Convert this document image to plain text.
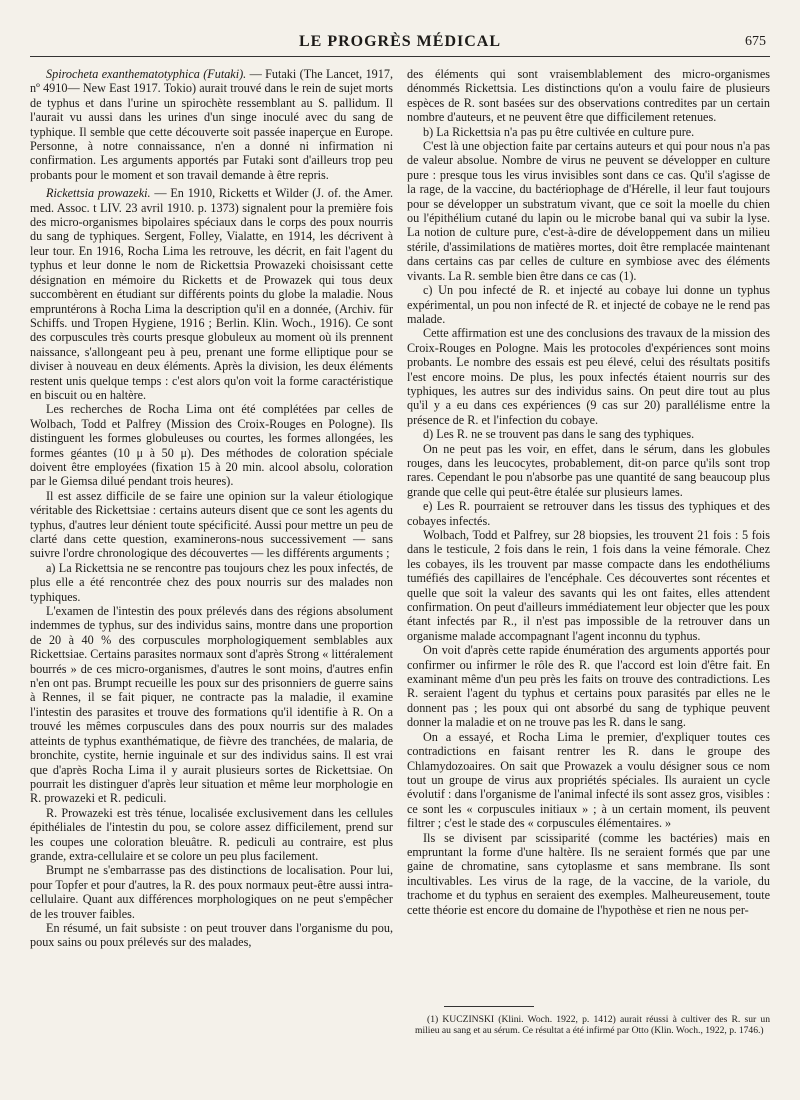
LE PROGRÈS MÉDICAL	675

Spirocheta exanthematotyphica (Futaki). — Futaki (The Lancet, 1917, nº 4910— New East 1917. Tokio) aurait trouvé dans le rein de sujet morts de typhus et dans l'urine un spirochète ressemblant au S. pallidum. Il l'aurait vu aussi dans les urines d'un singe inoculé avec du sang de typhique. Il semble que cette découverte soit passée inaperçue en Europe. Personne, à notre connaissance, n'en a donné ni infirmation ni confirmation. Les arguments apportés par Futaki sont d'ailleurs trop peu probants pour le moment et son travail demande à être repris.

Rickettsia prowazeki. — En 1910, Ricketts et Wilder (J. of. the Amer. med. Assoc. t LIV. 23 avril 1910. p. 1373) signalent pour la première fois des micro-organismes bipolaires spéciaux dans le corps des poux nourris du sang de typhiques. Sergent, Folley, Vialatte, en 1914, les décrivent à leur tour. En 1916, Rocha Lima les retrouve, les décrit, en fait l'agent du typhus et leur donne le nom de Rickettsia Prowazeki choisissant cette désignation en mémoire du Ricketts et de Prowazek qui tous deux succombèrent en étudiant sur différents points du globe la maladie. Nous empruntérons à Rocha Lima la description qu'il en a donnée, (Archiv. für Schiffs. und Tropen Hygiene, 1916 ; Berlin. Klin. Woch., 1916). Ce sont des corpuscules très courts presque globuleux au moment où ils prennent naissance, s'allongeant peu à peu, prenant une forme elliptique pour se diviser à nouveau en deux éléments. Après la division, les deux éléments restent unis quelque temps : c'est alors qu'on voit la forme caractéristique en biscuit ou en haltère.

Les recherches de Rocha Lima ont été complétées par celles de Wolbach, Todd et Palfrey (Mission des Croix-Rouges en Pologne). Ils distinguent les formes globuleuses ou courtes, les formes allongées, les formes géantes (10 μ à 50 μ). Des méthodes de coloration spéciale doivent être employées (fixation 15 à 20 min. alcool absolu, coloration par le Giemsa dilué pendant trois heures).

Il est assez difficile de se faire une opinion sur la valeur étiologique véritable des Rickettsiae : certains auteurs disent que ce sont les agents du typhus, d'autres leur dénient toute spécificité. Aussi pour mettre un peu de clarté dans cette question, examinerons-nous successivement — sans suivre l'ordre chronologique des découvertes — les différents arguments ;

a) La Rickettsia ne se rencontre pas toujours chez les poux infectés, de plus elle a été rencontrée chez des poux nourris sur des malades non typhiques.

L'examen de l'intestin des poux prélevés dans des régions absolument indemmes de typhus, sur des individus sains, montre dans une proportion de 20 à 40 % des corpuscules morphologiquement semblables aux Rickettsiae. Certains parasites normaux sont d'après Strong « littéralement bourrés » de ces micro-organismes, d'autres le sont moins, d'autres enfin n'en ont pas. Brumpt recueille les poux sur des prisonniers de guerre sains à Rennes, il se fait piquer, ne contracte pas la maladie, il examine l'intestin des parasites et trouve des formations qu'il identifie à R. On a trouvé les mêmes corpuscules dans des poux nourris sur des malades atteints de typhus exanthématique, de fièvre des tranchées, de malaria, de bronchite, cystite, hernie inguinale et sur des individus sains. Il est vrai que d'après Rocha Lima il y aurait plusieurs sortes de Rickettsiae. On pourrait les distinguer d'après leur situation et même leur morphologie en R. prowazeki et R. pediculi.

R. Prowazeki est très ténue, localisée exclusivement dans les cellules épithéliales de l'intestin du pou, se colore assez difficilement, prend sur les coupes une coloration bleuâtre. R. pediculi au contraire, est plus grande, extra-cellulaire et se colore un peu plus facilement.

Brumpt ne s'embarrasse pas des distinctions de localisation. Pour lui, pour Topfer et pour d'autres, la R. des poux normaux peut-être aussi intra-cellulaire. Quant aux différences morphologiques on ne peut s'empêcher de les trouver faibles.

En résumé, un fait subsiste : on peut trouver dans l'organisme du pou, poux sains ou poux prélevés sur des malades,

des éléments qui sont vraisemblablement des micro-organismes dénommés Rickettsia. Les distinctions qu'on a voulu faire de plusieurs espèces de R. sont basées sur des observations contredites par un certain nombre d'auteurs, et ne peuvent être que difficilement retenues.

b) La Rickettsia n'a pas pu être cultivée en culture pure.

C'est là une objection faite par certains auteurs et qui pour nous n'a pas de valeur absolue. Nombre de virus ne peuvent se développer en culture pure : presque tous les virus invisibles sont dans ce cas. Qu'il s'agisse de la rage, de la vaccine, du bactériophage de d'Hérelle, il leur faut toujours pour se développer un substratum vivant, que ce soit la moelle du chien ou l'épithélium cutané du lapin ou le microbe banal qui va subir la lyse. La notion de culture pure, c'est-à-dire de développement dans un milieu stérile, d'assimilations de matières mortes, doit être remplacée maintenant dans certains cas par celles de culture en symbiose avec des éléments vivants. La R. semble bien être dans ce cas (1).

c) Un pou infecté de R. et injecté au cobaye lui donne un typhus expérimental, un pou non infecté de R. et injecté de cobaye ne le rend pas malade.

Cette affirmation est une des conclusions des travaux de la mission des Croix-Rouges en Pologne. Mais les protocoles d'expériences sont moins probants. Le nombre des essais est peu élevé, celui des résultats positifs l'est encore moins. De plus, les poux infectés étaient nourris sur des typhiques, les autres sur des individus sains. On peut dire tout au plus qu'il y a eu dans ces expériences (9 cas sur 20) parallélisme entre la présence de R. et l'infection du cobaye.

d) Les R. ne se trouvent pas dans le sang des typhiques.

On ne peut pas les voir, en effet, dans le sérum, dans les globules rouges, dans les leucocytes, probablement, dit-on parce qu'ils sont trop rares. Cependant le pou n'absorbe pas une quantité de sang beaucoup plus grande que celle qui peut-être étalée sur plusieurs lames.

e) Les R. pourraient se retrouver dans les tissus des typhiques et des cobayes infectés.

Wolbach, Todd et Palfrey, sur 28 biopsies, les trouvent 21 fois : 5 fois dans le testicule, 2 fois dans le rein, 1 fois dans la veine fémorale. Chez les cobayes, ils les trouvent par masse compacte dans les endothéliums tuméfiés des capillaires de l'encéphale. Ces découvertes sont récentes et quelle que soit la valeur des savants qui les ont faites, elles attendent confirmation. On peut d'ailleurs immédiatement leur objecter que les poux étant infectés par R., il n'est pas impossible de la retrouver dans un organisme malade accompagnant l'agent inconnu du typhus.

On voit d'après cette rapide énumération des arguments apportés pour confirmer ou infirmer le rôle des R. que l'accord est loin d'être fait. En examinant même d'un peu près les faits on trouve des contradictions. Les R. seraient l'agent du typhus et certains poux parasités par elles ne le donnent pas ; les poux qui ont absorbé du sang de typhique peuvent donner la maladie et on ne trouve pas les R. dans le sang.

On a essayé, et Rocha Lima le premier, d'expliquer toutes ces contradictions en faisant rentrer les R. dans le groupe des Chlamydozoaires. On sait que Prowazek a voulu désigner sous ce nom tout un groupe de virus aux propriétés spéciales. Ils auraient un cycle évolutif : dans l'organisme de l'animal infecté ils sont assez gros, visibles : ce sont les « corpuscules initiaux » ; à un certain moment, ils peuvent filtrer ; c'est le stade des « corpuscules élémentaires. »

Ils se divisent par scissiparité (comme les bactéries) mais en empruntant la forme d'une haltère. Ils ne seraient formés que par une gaine de chromatine, sans cytoplasme et sans membrane. Ils sont incultivables. Les virus de la rage, de la vaccine, de la variole, du trachome et du typhus en seraient des exemples. Malheureusement, toute cette théorie est encore du domaine de l'hypothèse et rien ne nous per-

(1) KUCZINSKI (Klini. Woch. 1922, p. 1412) aurait réussi à cultiver des R. sur un milieu au sang et au sérum. Ce résultat a été infirmé par Otto (Klin. Woch., 1922, p. 1746.)
